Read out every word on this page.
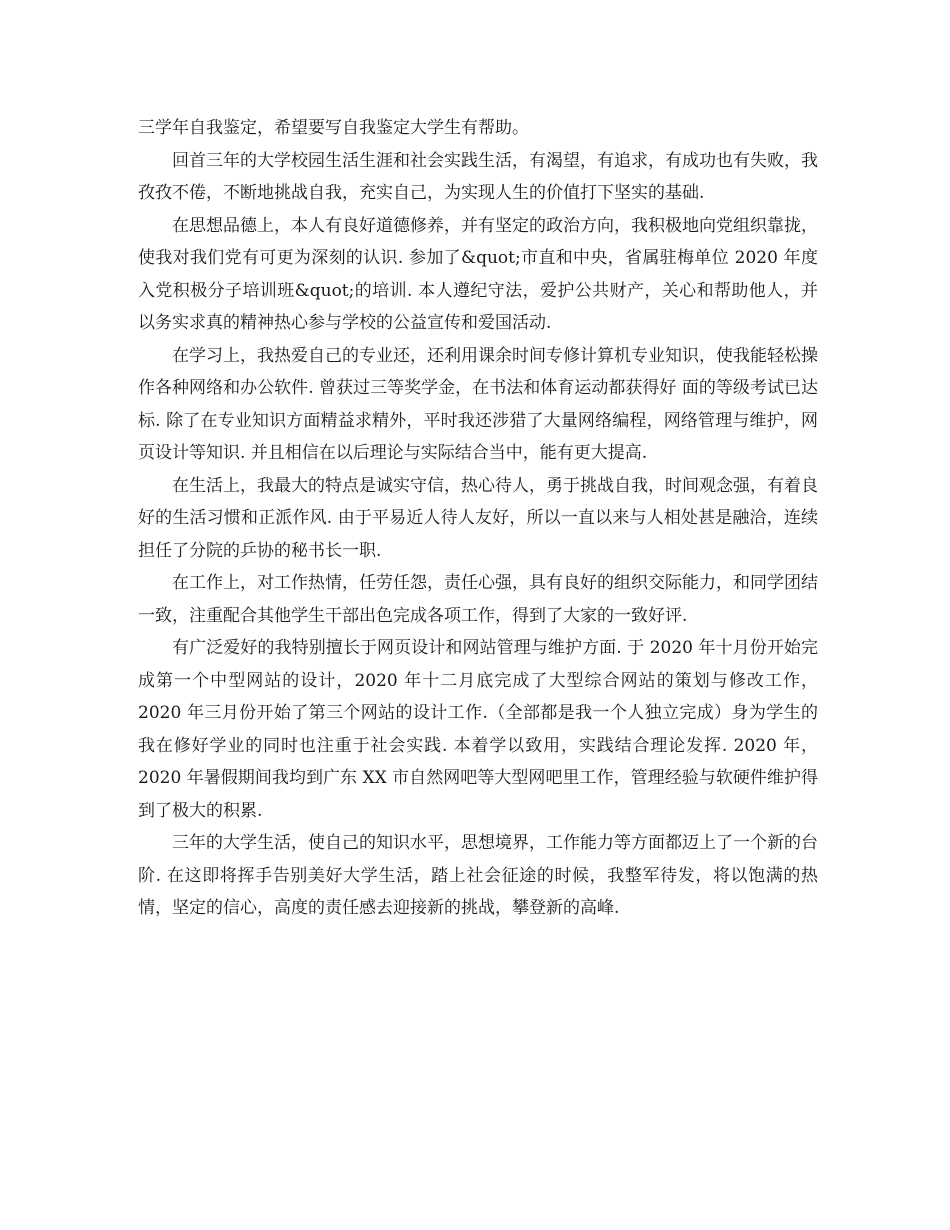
三学年自我鉴定，希望要写自我鉴定大学生有帮助。

回首三年的大学校园生活生涯和社会实践生活，有渴望，有追求，有成功也有失败，我孜孜不倦，不断地挑战自我，充实自己，为实现人生的价值打下坚实的基础.

在思想品德上，本人有良好道德修养，并有坚定的政治方向，我积极地向党组织靠拢，使我对我们党有可更为深刻的认识. 参加了&quot;市直和中央，省属驻梅单位 2020 年度入党积极分子培训班&quot;的培训. 本人遵纪守法，爱护公共财产，关心和帮助他人，并以务实求真的精神热心参与学校的公益宣传和爱国活动.

在学习上，我热爱自己的专业还，还利用课余时间专修计算机专业知识，使我能轻松操作各种网络和办公软件. 曾获过三等奖学金，在书法和体育运动都获得好 面的等级考试已达标. 除了在专业知识方面精益求精外，平时我还涉猎了大量网络编程，网络管理与维护，网页设计等知识. 并且相信在以后理论与实际结合当中，能有更大提高.

在生活上，我最大的特点是诚实守信，热心待人，勇于挑战自我，时间观念强，有着良好的生活习惯和正派作风. 由于平易近人待人友好，所以一直以来与人相处甚是融洽，连续担任了分院的乒协的秘书长一职.

在工作上，对工作热情，任劳任怨，责任心强，具有良好的组织交际能力，和同学团结一致，注重配合其他学生干部出色完成各项工作，得到了大家的一致好评.

有广泛爱好的我特别擅长于网页设计和网站管理与维护方面. 于 2020 年十月份开始完成第一个中型网站的设计，2020 年十二月底完成了大型综合网站的策划与修改工作，2020 年三月份开始了第三个网站的设计工作.（全部都是我一个人独立完成）身为学生的我在修好学业的同时也注重于社会实践. 本着学以致用，实践结合理论发挥. 2020 年，2020 年暑假期间我均到广东 XX 市自然网吧等大型网吧里工作，管理经验与软硬件维护得到了极大的积累.

三年的大学生活，使自己的知识水平，思想境界，工作能力等方面都迈上了一个新的台阶. 在这即将挥手告别美好大学生活，踏上社会征途的时候，我整军待发，将以饱满的热情，坚定的信心，高度的责任感去迎接新的挑战，攀登新的高峰.
